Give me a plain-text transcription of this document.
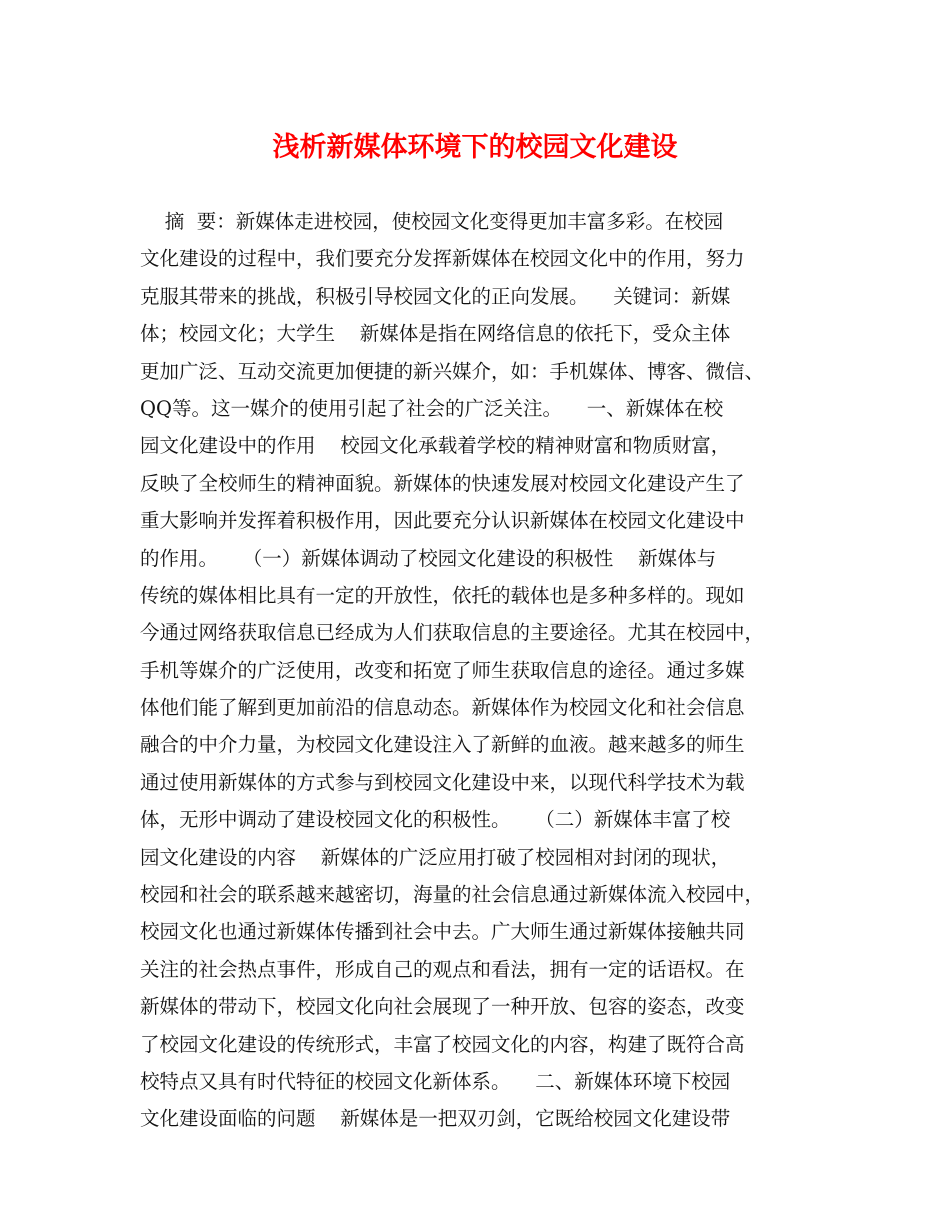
浅析新媒体环境下的校园文化建设
摘  要：新媒体走进校园，使校园文化变得更加丰富多彩。在校园
文化建设的过程中，我们要充分发挥新媒体在校园文化中的作用，努力
克服其带来的挑战，积极引导校园文化的正向发展。    关键词：新媒
体；校园文化；大学生    新媒体是指在网络信息的依托下，受众主体
更加广泛、互动交流更加便捷的新兴媒介，如：手机媒体、博客、微信、
QQ等。这一媒介的使用引起了社会的广泛关注。    一、新媒体在校
园文化建设中的作用    校园文化承载着学校的精神财富和物质财富，
反映了全校师生的精神面貌。新媒体的快速发展对校园文化建设产生了
重大影响并发挥着积极作用，因此要充分认识新媒体在校园文化建设中
的作用。    （一）新媒体调动了校园文化建设的积极性    新媒体与
传统的媒体相比具有一定的开放性，依托的载体也是多种多样的。现如
今通过网络获取信息已经成为人们获取信息的主要途径。尤其在校园中，
手机等媒介的广泛使用，改变和拓宽了师生获取信息的途径。通过多媒
体他们能了解到更加前沿的信息动态。新媒体作为校园文化和社会信息
融合的中介力量，为校园文化建设注入了新鲜的血液。越来越多的师生
通过使用新媒体的方式参与到校园文化建设中来，以现代科学技术为载
体，无形中调动了建设校园文化的积极性。    （二）新媒体丰富了校
园文化建设的内容    新媒体的广泛应用打破了校园相对封闭的现状，
校园和社会的联系越来越密切，海量的社会信息通过新媒体流入校园中，
校园文化也通过新媒体传播到社会中去。广大师生通过新媒体接触共同
关注的社会热点事件，形成自己的观点和看法，拥有一定的话语权。在
新媒体的带动下，校园文化向社会展现了一种开放、包容的姿态，改变
了校园文化建设的传统形式，丰富了校园文化的内容，构建了既符合高
校特点又具有时代特征的校园文化新体系。    二、新媒体环境下校园
文化建设面临的问题    新媒体是一把双刃剑，它既给校园文化建设带
